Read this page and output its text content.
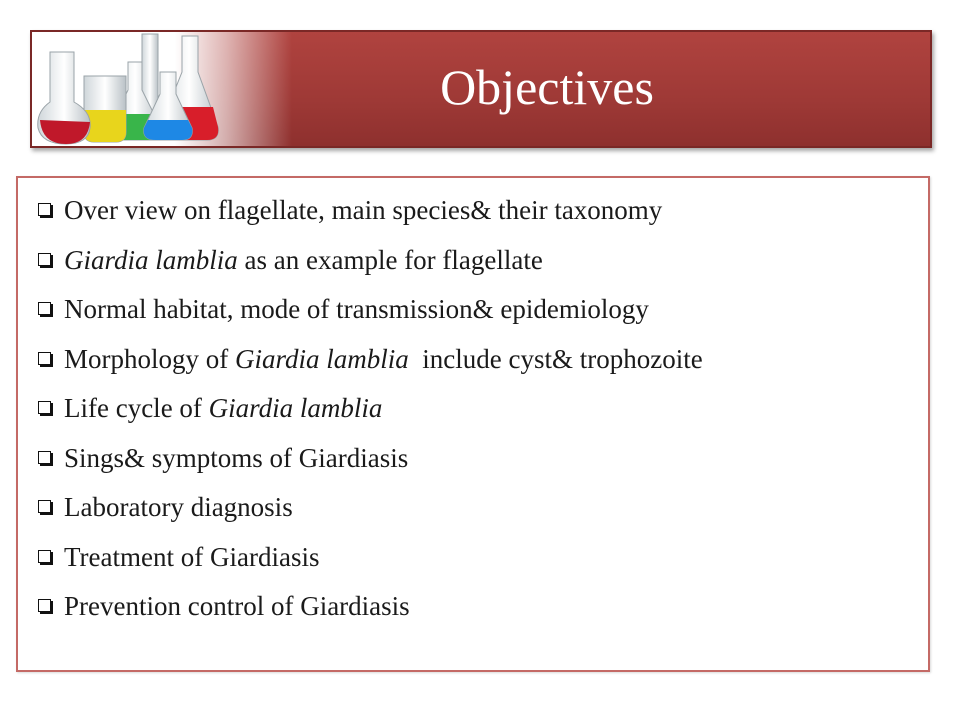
Objectives
Over view on flagellate, main species& their taxonomy
Giardia lamblia as an example for flagellate
Normal habitat, mode of transmission& epidemiology
Morphology of Giardia lamblia  include cyst& trophozoite
Life cycle of Giardia lamblia
Sings& symptoms of Giardiasis
Laboratory diagnosis
Treatment of Giardiasis
Prevention control of Giardiasis
